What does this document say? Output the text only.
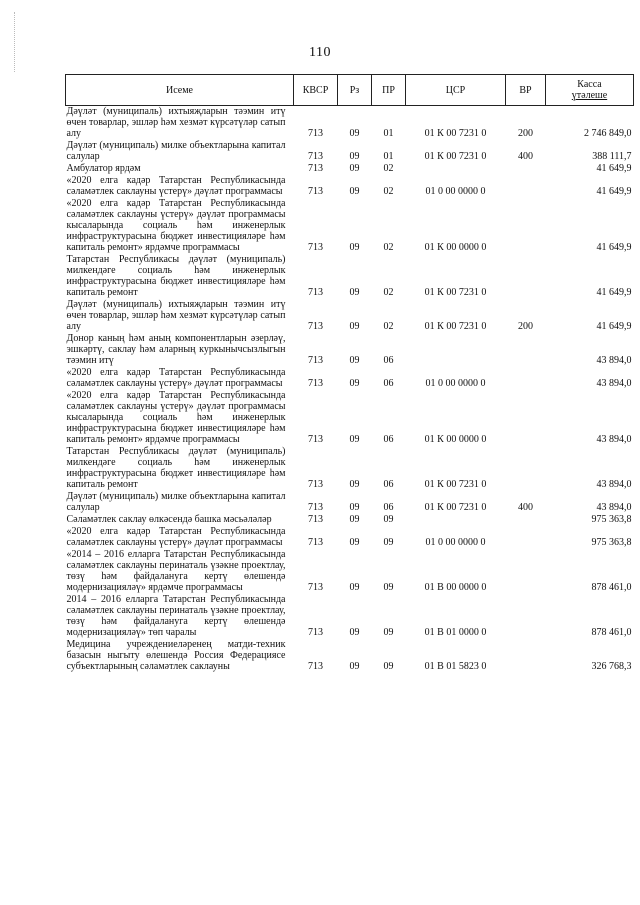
110
Исеме	КВСР	Рз	ПР	ЦСР	ВР	Касса
үтәлеше

Дәүләт (муниципаль) ихтыяҗларын тәэмин итү өчен товарлар, эшләр һәм хезмәт күрсәтүләр сатып алу	713	09	01	01 К 00 7231 0	200	2 746 849,0
Дәүләт (муниципаль) милке объектларына капитал салулар	713	09	01	01 К 00 7231 0	400	388 111,7
Амбулатор ярдәм	713	09	02			41 649,9
«2020 елга кадәр Татарстан Республикасында сәламәтлек саклауны үстерү» дәүләт программасы	713	09	02	01 0 00 0000 0		41 649,9
«2020 елга кадәр Татарстан Республикасында сәламәтлек саклауны үстерү» дәүләт программасы кысаларында социаль һәм инженерлык инфраструктурасына бюджет инвестицияләре һәм капиталь ремонт» ярдәмче программасы	713	09	02	01 К 00 0000 0		41 649,9
Татарстан Республикасы дәүләт (муниципаль) милкендәге социаль һәм инженерлык инфраструктурасына бюджет инвестицияләре һәм капиталь ремонт	713	09	02	01 К 00 7231 0		41 649,9
Дәүләт (муниципаль) ихтыяҗларын тәэмин итү өчен товарлар, эшләр һәм хезмәт күрсәтүләр сатып алу	713	09	02	01 К 00 7231 0	200	41 649,9
Донор каның һәм аның компонентларын әзерләү, эшкәртү, саклау һәм аларның куркынычсызлыгын тәэмин итү	713	09	06			43 894,0
«2020 елга кадәр Татарстан Республикасында сәламәтлек саклауны үстерү» дәүләт программасы	713	09	06	01 0 00 0000 0		43 894,0
«2020 елга кадәр Татарстан Республикасында сәламәтлек саклауны үстерү» дәүләт программасы кысаларында социаль һәм инженерлык инфраструктурасына бюджет инвестицияләре һәм капиталь ремонт» ярдәмче программасы	713	09	06	01 К 00 0000 0		43 894,0
Татарстан Республикасы дәүләт (муниципаль) милкендәге социаль һәм инженерлык инфраструктурасына бюджет инвестицияләре һәм капиталь ремонт	713	09	06	01 К 00 7231 0		43 894,0
Дәүләт (муниципаль) милке объектларына капитал салулар	713	09	06	01 К 00 7231 0	400	43 894,0
Сәламәтлек саклау өлкәсендә башка мәсьәләләр	713	09	09			975 363,8
«2020 елга кадәр Татарстан Республикасында сәламәтлек саклауны үстерү» дәүләт программасы	713	09	09	01 0 00 0000 0		975 363,8
«2014 – 2016 елларга Татарстан Республикасында сәламәтлек саклауны перинаталь үзәкне проектлау, төзү һәм файдалануга кертү өлешендә модернизацияләү» ярдәмче программасы	713	09	09	01 В 00 0000 0		878 461,0
2014 – 2016 елларга Татарстан Республикасында сәламәтлек саклауны перинаталь үзәкне проектлау, төзү һәм файдалануга кертү өлешендә модернизацияләү» төп чаралы	713	09	09	01 В 01 0000 0		878 461,0
Медицина учреждениеләренең матди-техник базасын ныгыту өлешендә Россия Федерациясе субъектларының сәламәтлек саклауны	713	09	09	01 В 01 5823 0		326 768,3
